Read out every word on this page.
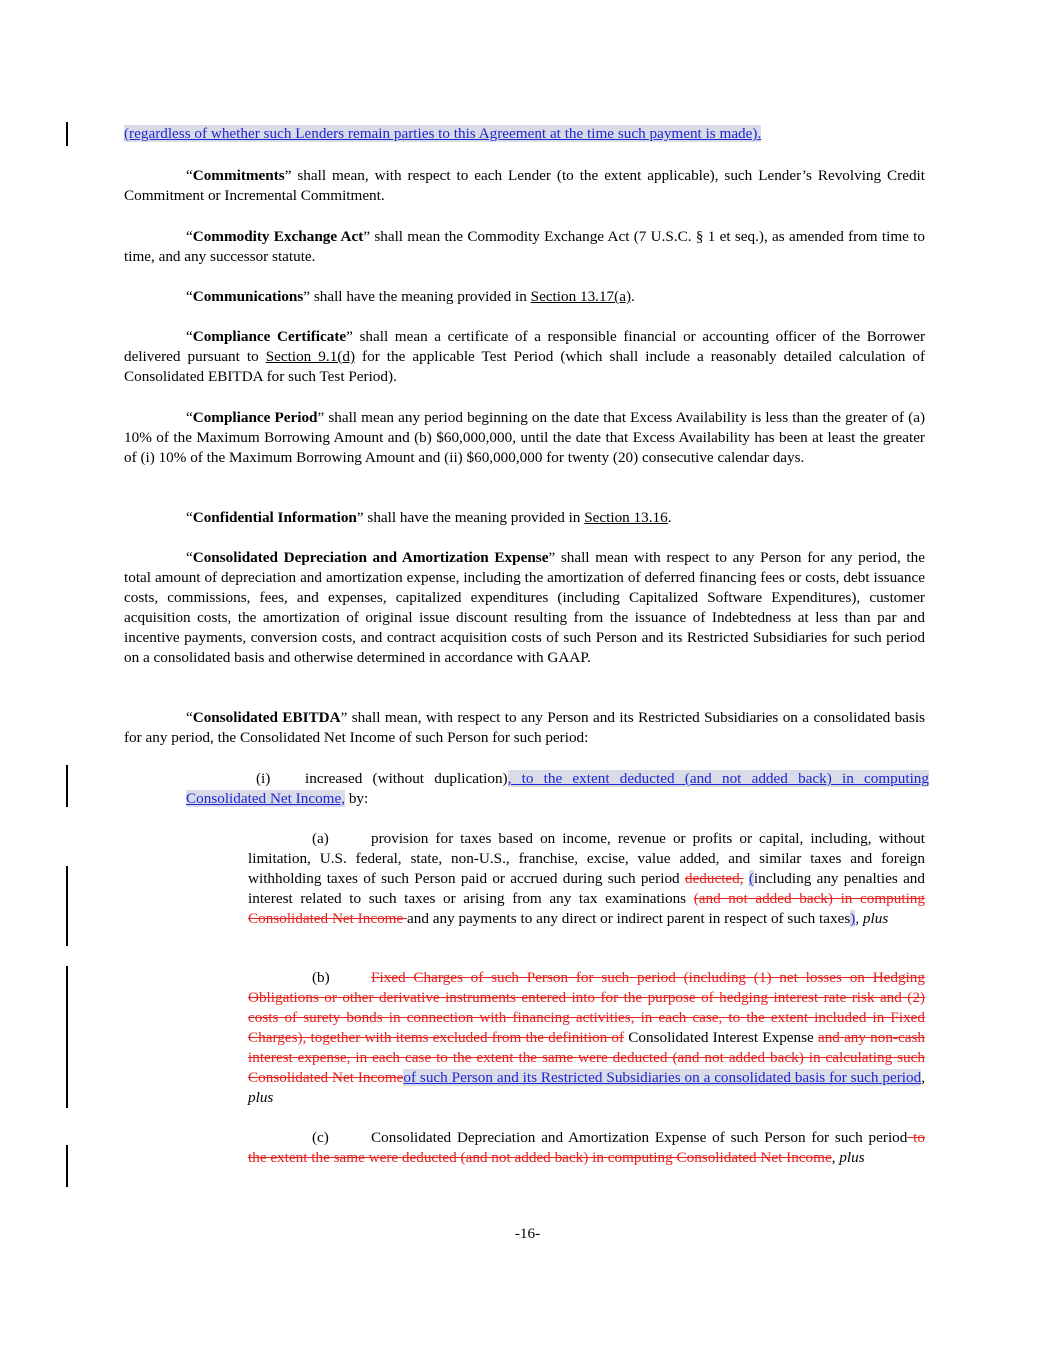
(regardless of whether such Lenders remain parties to this Agreement at the time such payment is made).
“Commitments” shall mean, with respect to each Lender (to the extent applicable), such Lender’s Revolving Credit Commitment or Incremental Commitment.
“Commodity Exchange Act” shall mean the Commodity Exchange Act (7 U.S.C. § 1 et seq.), as amended from time to time, and any successor statute.
“Communications” shall have the meaning provided in Section 13.17(a).
“Compliance Certificate” shall mean a certificate of a responsible financial or accounting officer of the Borrower delivered pursuant to Section 9.1(d) for the applicable Test Period (which shall include a reasonably detailed calculation of Consolidated EBITDA for such Test Period).
“Compliance Period” shall mean any period beginning on the date that Excess Availability is less than the greater of (a) 10% of the Maximum Borrowing Amount and (b) $60,000,000, until the date that Excess Availability has been at least the greater of (i) 10% of the Maximum Borrowing Amount and (ii) $60,000,000 for twenty (20) consecutive calendar days.
“Confidential Information” shall have the meaning provided in Section 13.16.
“Consolidated Depreciation and Amortization Expense” shall mean with respect to any Person for any period, the total amount of depreciation and amortization expense, including the amortization of deferred financing fees or costs, debt issuance costs, commissions, fees, and expenses, capitalized expenditures (including Capitalized Software Expenditures), customer acquisition costs, the amortization of original issue discount resulting from the issuance of Indebtedness at less than par and incentive payments, conversion costs, and contract acquisition costs of such Person and its Restricted Subsidiaries for such period on a consolidated basis and otherwise determined in accordance with GAAP.
“Consolidated EBITDA” shall mean, with respect to any Person and its Restricted Subsidiaries on a consolidated basis for any period, the Consolidated Net Income of such Person for such period:
(i) increased (without duplication), to the extent deducted (and not added back) in computing Consolidated Net Income, by:
(a)	provision for taxes based on income, revenue or profits or capital, including, without limitation, U.S. federal, state, non-U.S., franchise, excise, value added, and similar taxes and foreign withholding taxes of such Person paid or accrued during such period deducted, (including any penalties and interest related to such taxes or arising from any tax examinations (and not added back) in computing Consolidated Net Income and any payments to any direct or indirect parent in respect of such taxes), plus
(b)	Fixed Charges of such Person for such period (including (1) net losses on Hedging Obligations or other derivative instruments entered into for the purpose of hedging interest rate risk and (2) costs of surety bonds in connection with financing activities, in each case, to the extent included in Fixed Charges), together with items excluded from the definition of Consolidated Interest Expense and any non-cash interest expense, in each case to the extent the same were deducted (and not added back) in calculating such Consolidated Net Incomeof such Person and its Restricted Subsidiaries on a consolidated basis for such period, plus
(c)	Consolidated Depreciation and Amortization Expense of such Person for such period to the extent the same were deducted (and not added back) in computing Consolidated Net Income, plus
-16-
